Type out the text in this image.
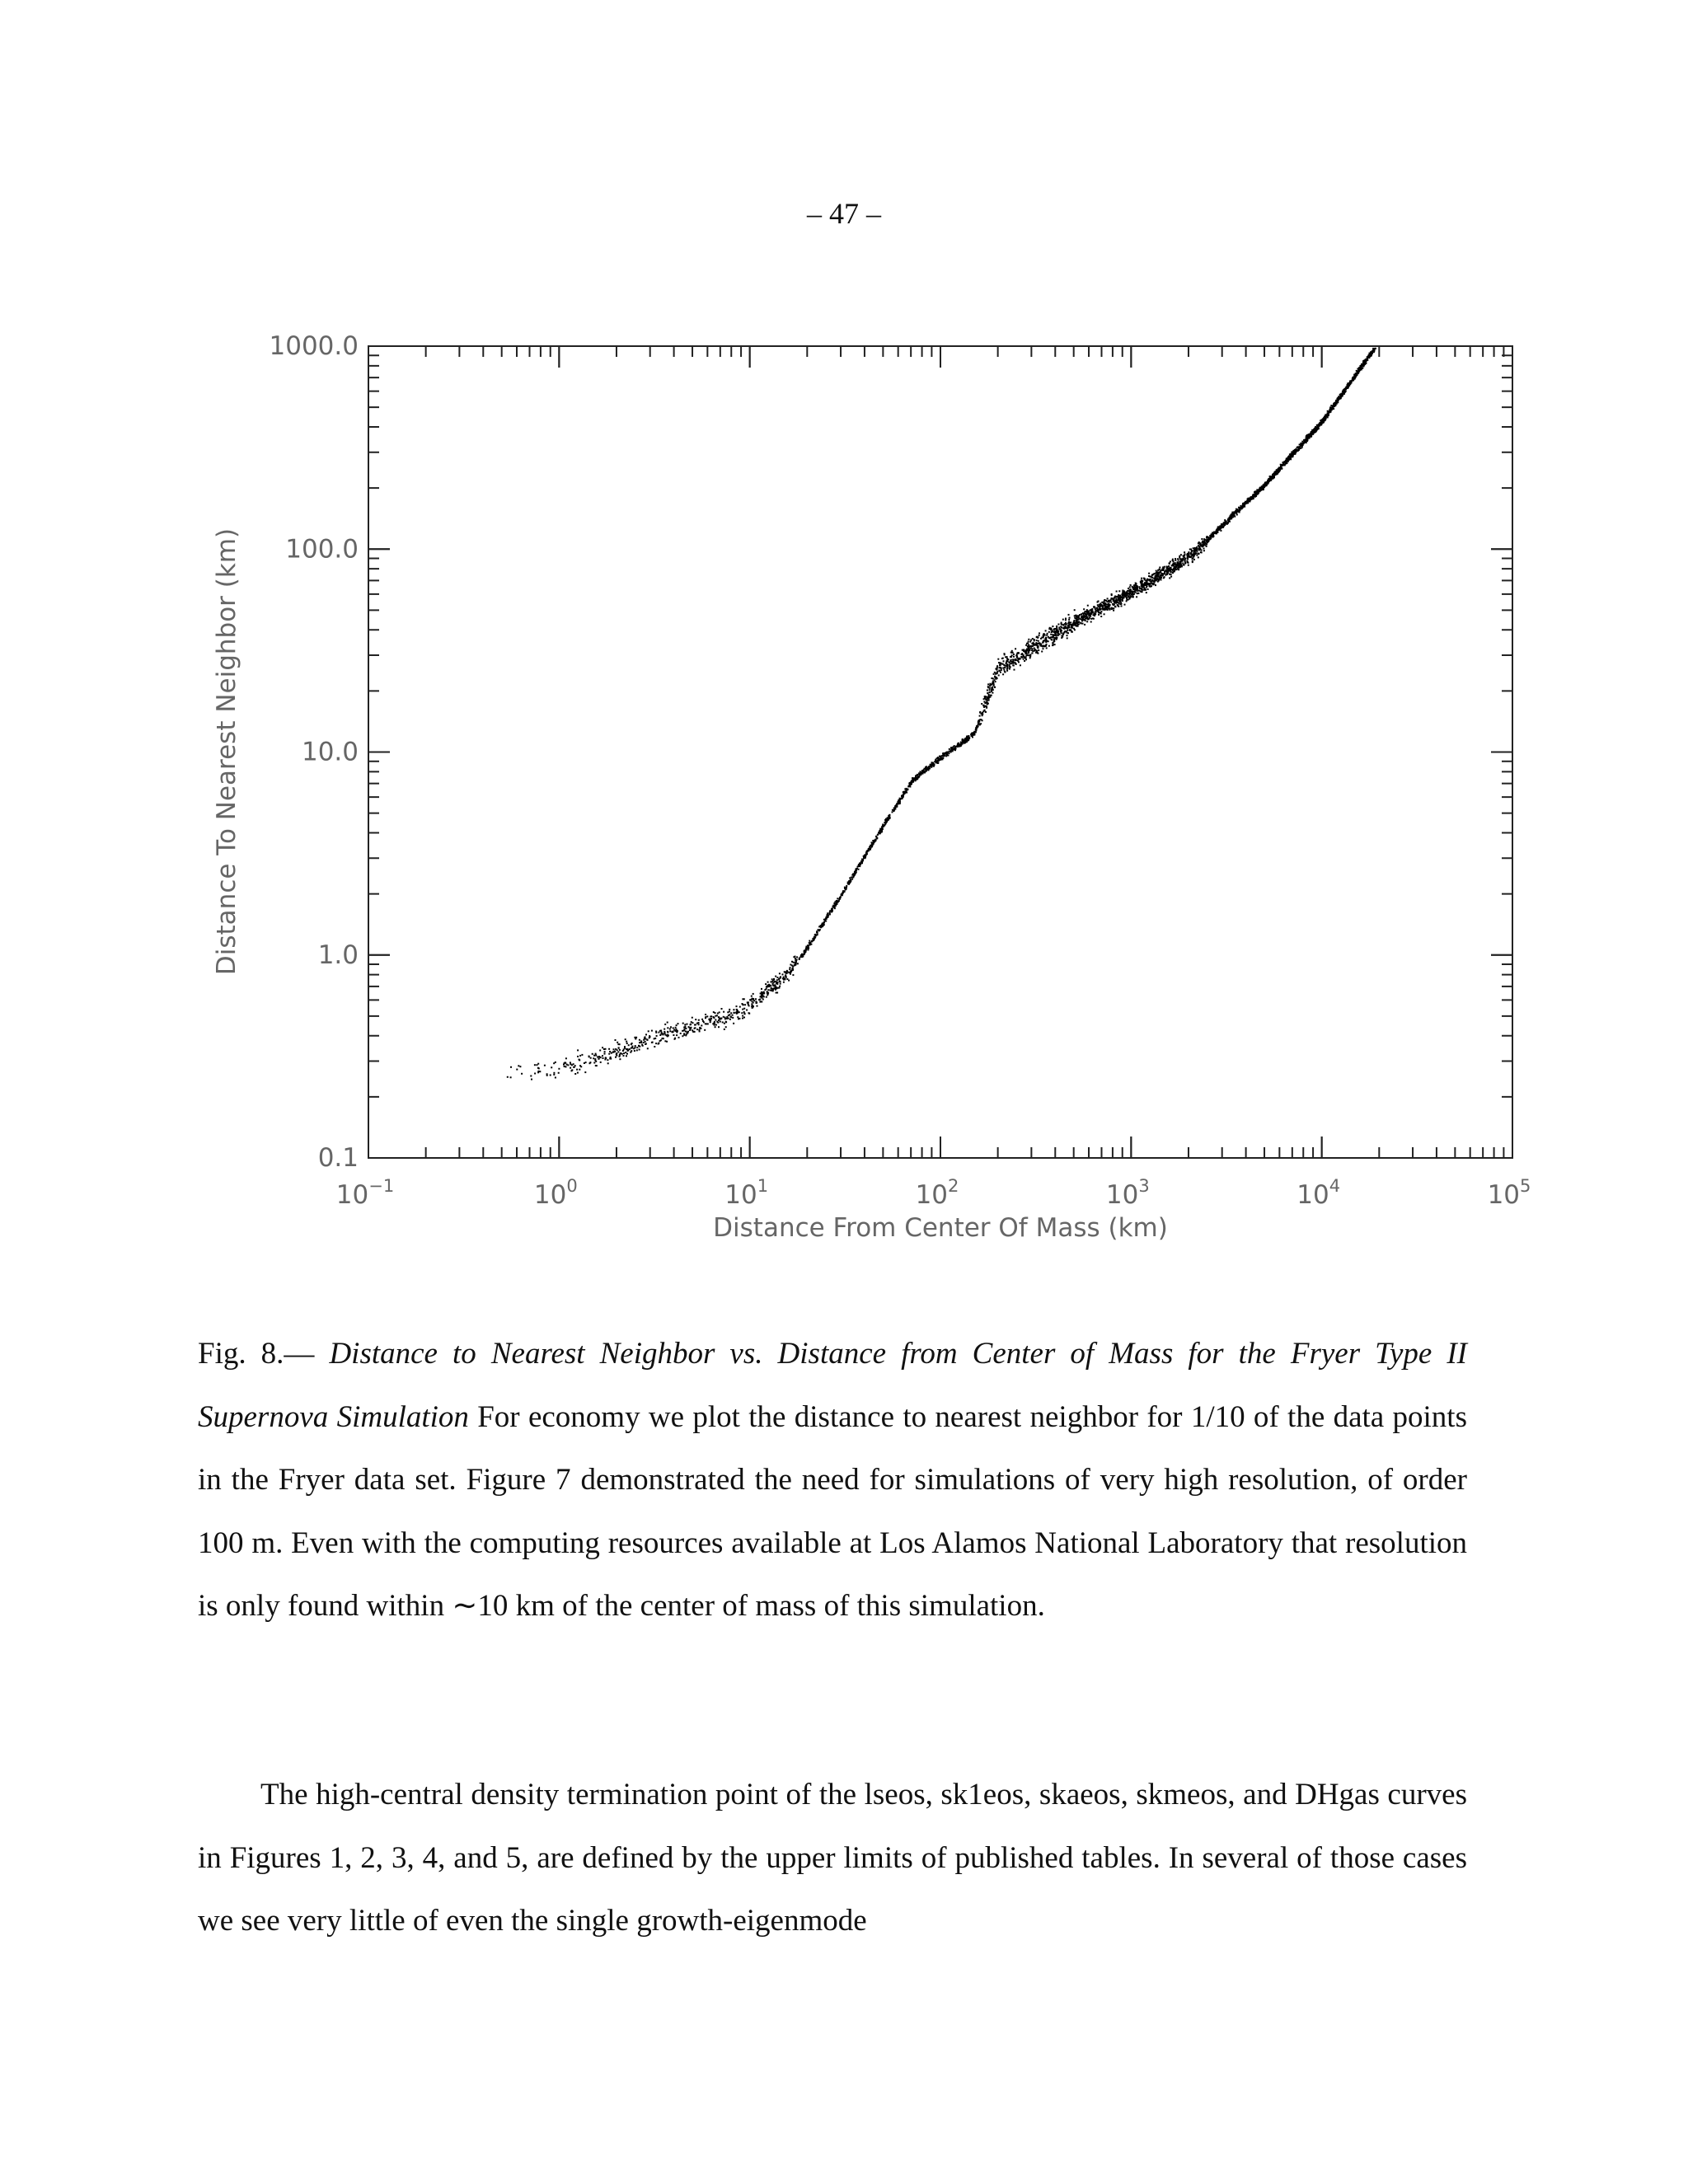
– 47 –
0.1
1.0
10.0
100.0
1000.0
$10^{-1}$	$10^0$	$10^1$	$10^2$	$10^3$	$10^4$	$10^5$
Distance From Center Of Mass (km)
Distance To Nearest Neighbor (km)

Fig. 8.— Distance to Nearest Neighbor vs. Distance from Center of Mass for the Fryer Type II Supernova Simulation For economy we plot the distance to nearest neighbor for 1/10 of the data points in the Fryer data set. Figure 7 demonstrated the need for simulations of very high resolution, of order 100 m. Even with the computing resources available at Los Alamos National Laboratory that resolution is only found within ∼10 km of the center of mass of this simulation.

The high-central density termination point of the lseos, sk1eos, skaeos, skmeos, and DHgas curves in Figures 1, 2, 3, 4, and 5, are defined by the upper limits of published tables. In several of those cases we see very little of even the single growth-eigenmode
